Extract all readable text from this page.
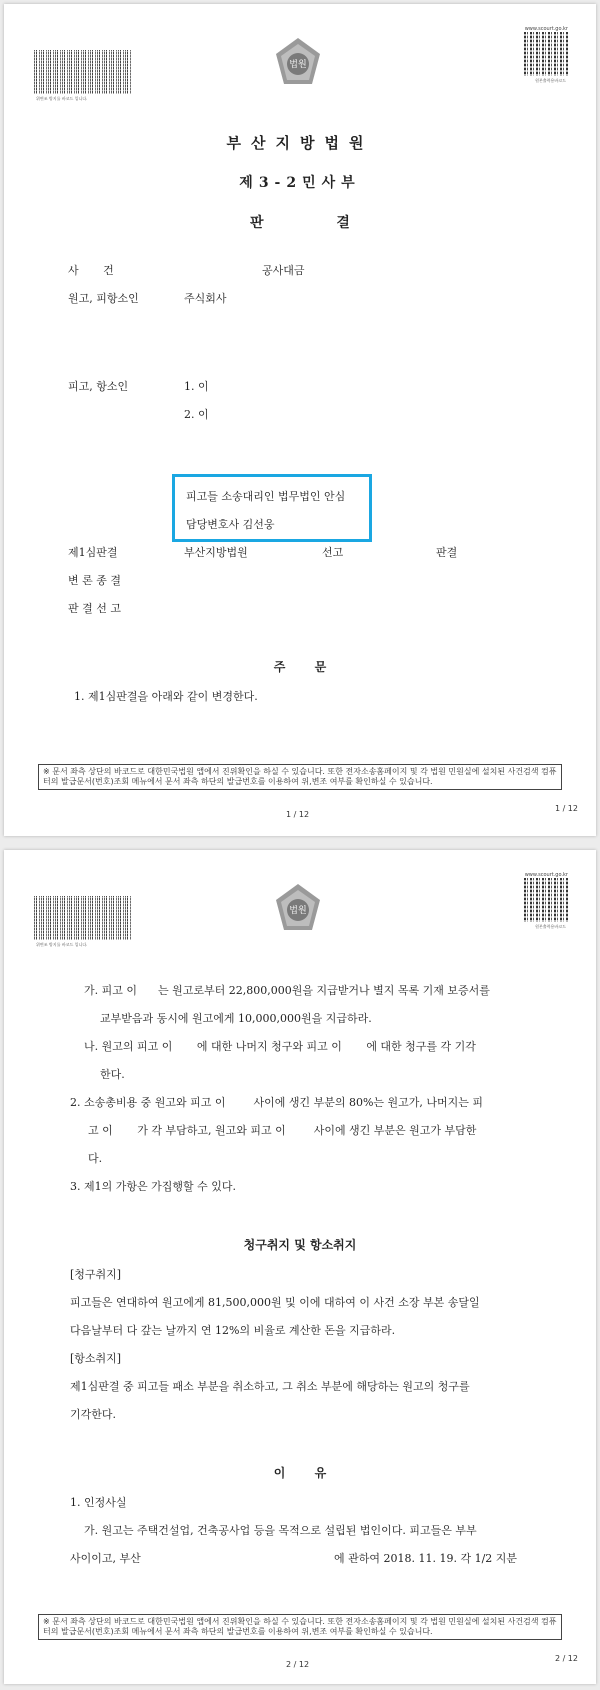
위변조 방지를 바코드 입니다.
www.scourt.go.kr
원본출력용바코드
법원
부산지방법원
제3-2민사부
판 결
사       건	공사대금
원고, 피항소인	주식회사
피고, 항소인	1. 이
2. 이
피고들 소송대리인 법무법인 안심
담당변호사 김선웅
제1심판결	부산지방법원	선고	판결
변 론 종 결
판 결 선 고
주       문
1. 제1심판결을 아래와 같이 변경한다.
※ 문서 좌측 상단의 바코드로 대한민국법원 앱에서 진위확인을 하실 수 있습니다. 또한 전자소송홈페이지 및 각 법원 민원실에 설치된 사건검색 컴퓨터의 발급문서(번호)조회 메뉴에서 문서 좌측 하단의 발급번호를 이용하여 위,변조 여부를 확인하실 수 있습니다.
1 / 12
1 / 12
위변조 방지를 바코드 입니다.
www.scourt.go.kr
원본출력용바코드
법원
가. 피고 이      는 원고로부터 22,800,000원을 지급받거나 별지 목록 기재 보증서를
교부받음과 동시에 원고에게 10,000,000원을 지급하라.
나. 원고의 피고 이       에 대한 나머지 청구와 피고 이       에 대한 청구를 각 기각
한다.
2. 소송총비용 중 원고와 피고 이        사이에 생긴 부분의 80%는 원고가, 나머지는 피
고 이       가 각 부담하고, 원고와 피고 이        사이에 생긴 부분은 원고가 부담한
다.
3. 제1의 가항은 가집행할 수 있다.
청구취지 및 항소취지
[청구취지]
피고들은 연대하여 원고에게 81,500,000원 및 이에 대하여 이 사건 소장 부본 송달일
다음날부터 다 갚는 날까지 연 12%의 비율로 계산한 돈을 지급하라.
[항소취지]
제1심판결 중 피고들 패소 부분을 취소하고, 그 취소 부분에 해당하는 원고의 청구를
기각한다.
이       유
1. 인정사실
가. 원고는 주택건설업, 건축공사업 등을 목적으로 설립된 법인이다. 피고들은 부부
사이이고, 부산	에 관하여 2018. 11. 19. 각 1/2 지분
※ 문서 좌측 상단의 바코드로 대한민국법원 앱에서 진위확인을 하실 수 있습니다. 또한 전자소송홈페이지 및 각 법원 민원실에 설치된 사건검색 컴퓨터의 발급문서(번호)조회 메뉴에서 문서 좌측 하단의 발급번호를 이용하여 위,변조 여부를 확인하실 수 있습니다.
2 / 12
2 / 12
